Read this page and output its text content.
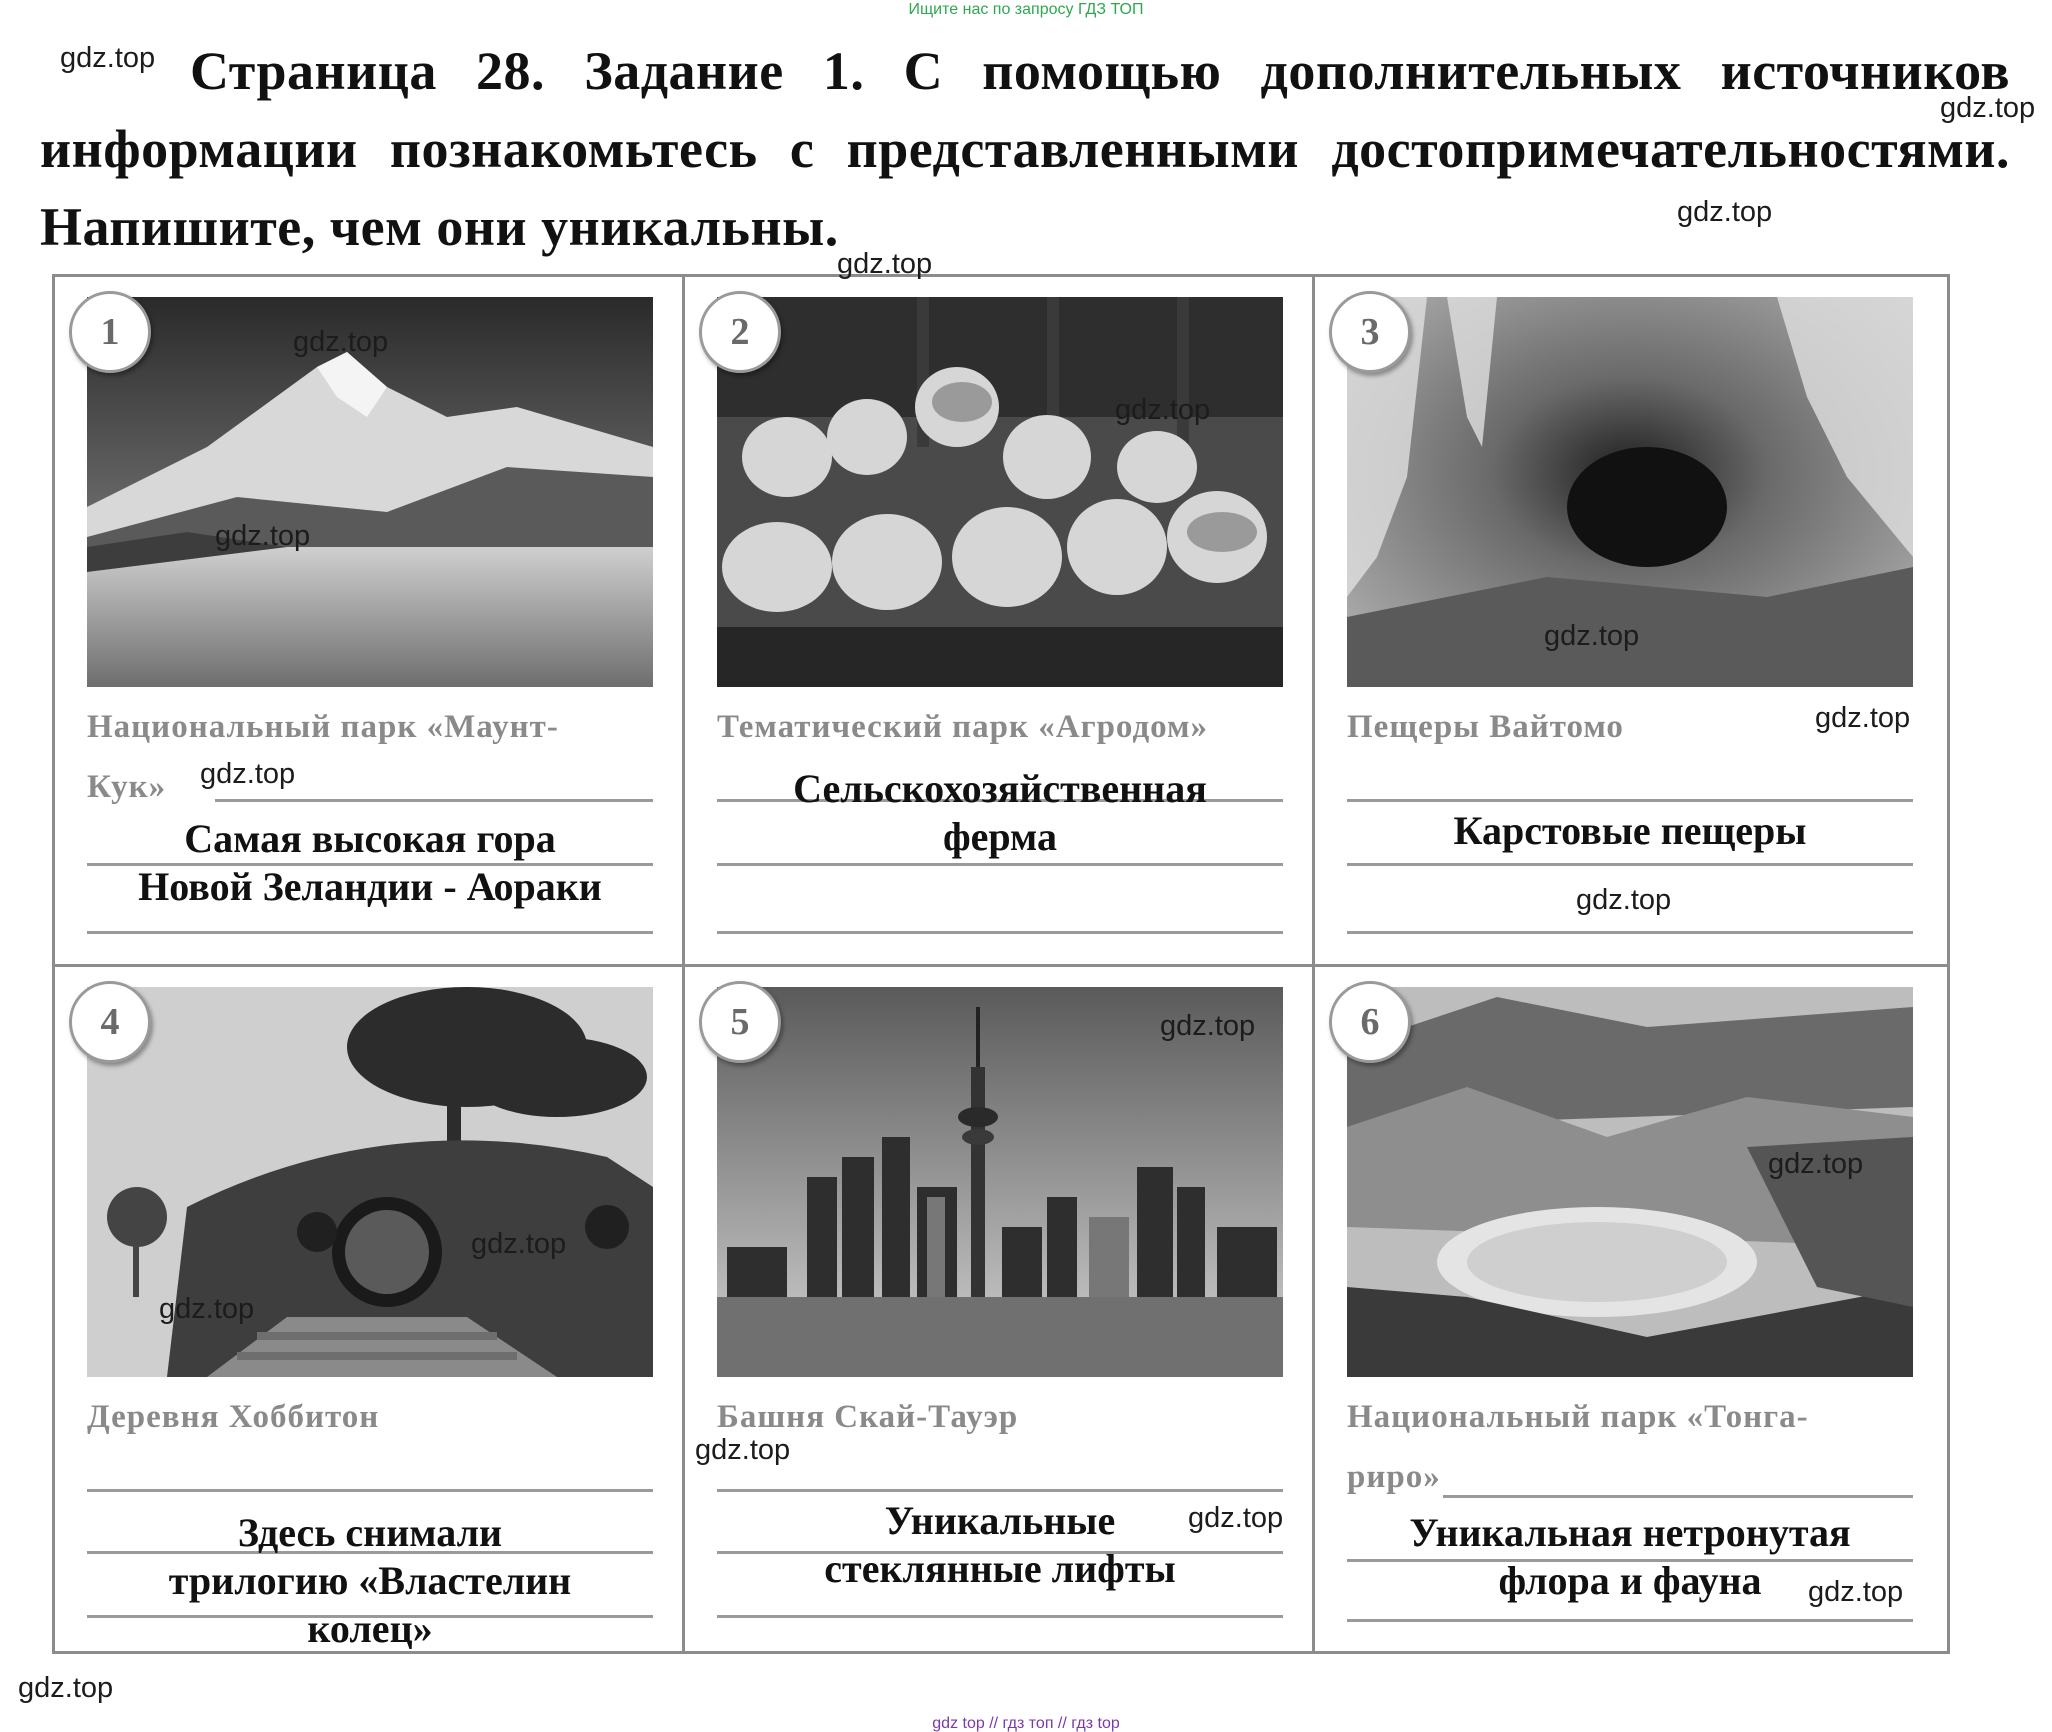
Ищите нас по запросу ГДЗ ТОП
Страница 28. Задание 1. С помощью дополнительных источников информации познакомьтесь с представленными достопримечательностями. Напишите, чем они уникальны.
1
Национальный парк «Маунт-
Кук»
Самая высокая гора
Новой Зеландии - Аораки
2
Тематический парк «Агродом»
Сельскохозяйственная
ферма
3
Пещеры Вайтомо
Карстовые пещеры
4
Деревня Хоббитон
Здесь снимали
трилогию «Властелин
колец»
5
Башня Скай-Тауэр
Уникальные
стеклянные лифты
6
Национальный парк «Тонга-
риро»
Уникальная нетронутая
флора и фауна
gdz.top
gdz.top
gdz.top
gdz.top
gdz.top
gdz.top
gdz.top
gdz.top
gdz.top
gdz.top
gdz.top
gdz.top
gdz.top
gdz.top
gdz.top
gdz.top
gdz.top
gdz.top
gdz.top
gdz top // гдз топ // гдз top
